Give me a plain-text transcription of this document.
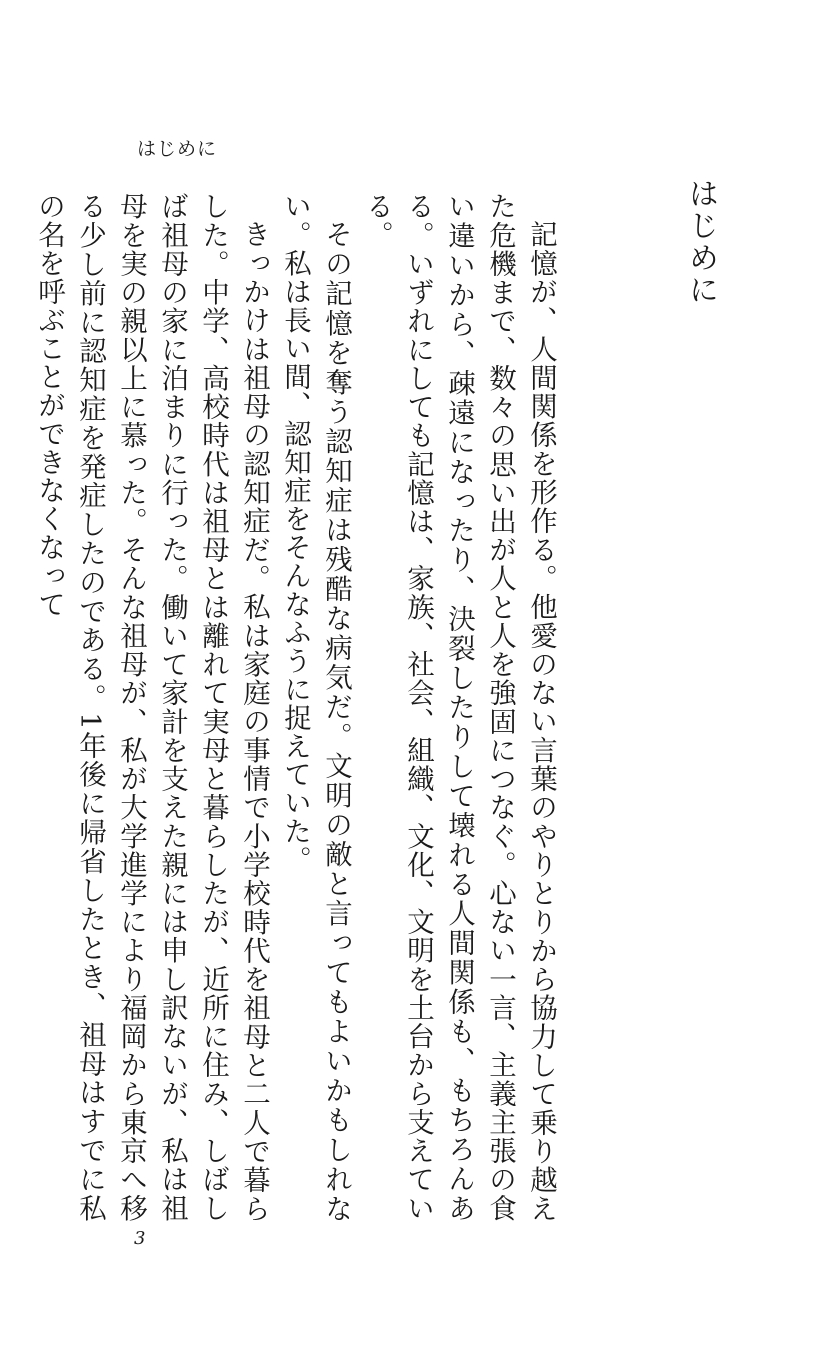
はじめに
はじめに

記憶が、人間関係を形作る。他愛のない言葉のやりとりから協力して乗り越えた危機まで、数々の思い出が人と人を強固につなぐ。心ない一言、主義主張の食い違いから、疎遠になったり、決裂したりして壊れる人間関係も、もちろんある。いずれにしても記憶は、家族、社会、組織、文化、文明を土台から支えている。

その記憶を奪う認知症は残酷な病気だ。文明の敵と言ってもよいかもしれない。私は長い間、認知症をそんなふうに捉えていた。

きっかけは祖母の認知症だ。私は家庭の事情で小学校時代を祖母と二人で暮らした。中学、高校時代は祖母とは離れて実母と暮らしたが、近所に住み、しばしば祖母の家に泊まりに行った。働いて家計を支えた親には申し訳ないが、私は祖母を実の親以上に慕った。そんな祖母が、私が大学進学により福岡から東京へ移る少し前に認知症を発症したのである。1年後に帰省したとき、祖母はすでに私の名を呼ぶことができなくなって

3
